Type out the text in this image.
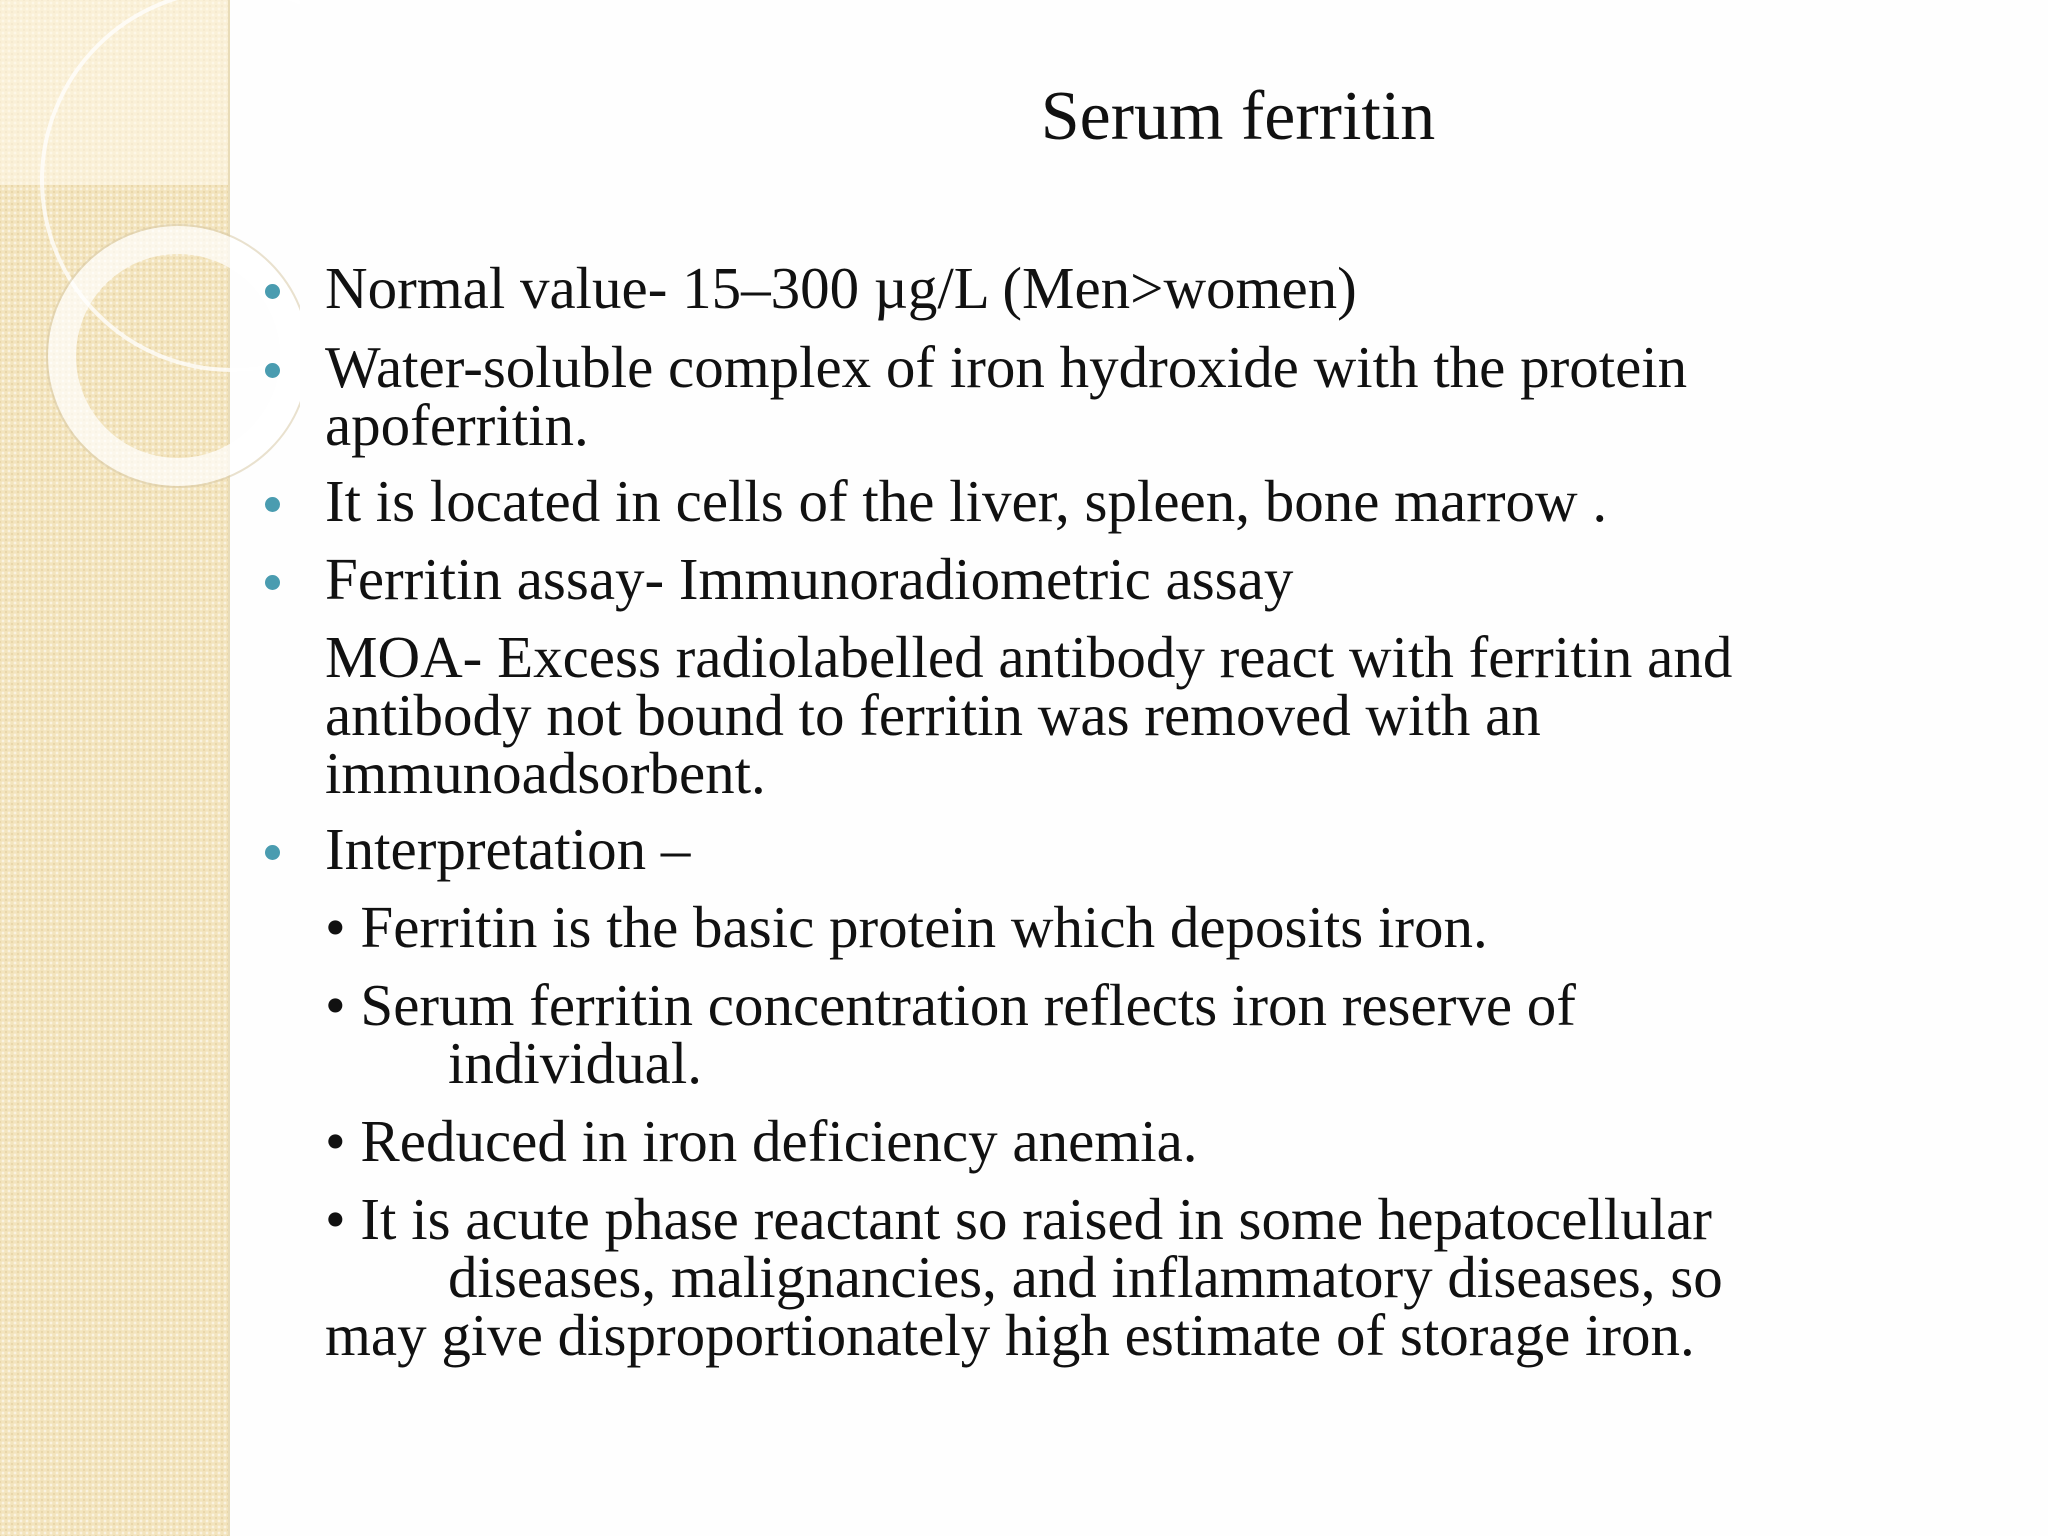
Serum ferritin
Normal value- 15–300 µg/L (Men>women)
Water-soluble complex of iron hydroxide with the protein
apoferritin.
It is located in cells of the liver, spleen, bone marrow .
Ferritin assay- Immunoradiometric assay
MOA- Excess radiolabelled antibody react with ferritin and
antibody not bound to ferritin was removed with an
immunoadsorbent.
Interpretation –
• Ferritin is the basic protein which deposits iron.
• Serum ferritin concentration reflects iron reserve of
individual.
• Reduced in iron deficiency anemia.
• It is acute phase reactant so raised in some hepatocellular
diseases, malignancies, and inflammatory diseases, so
may give disproportionately high estimate of storage iron.
